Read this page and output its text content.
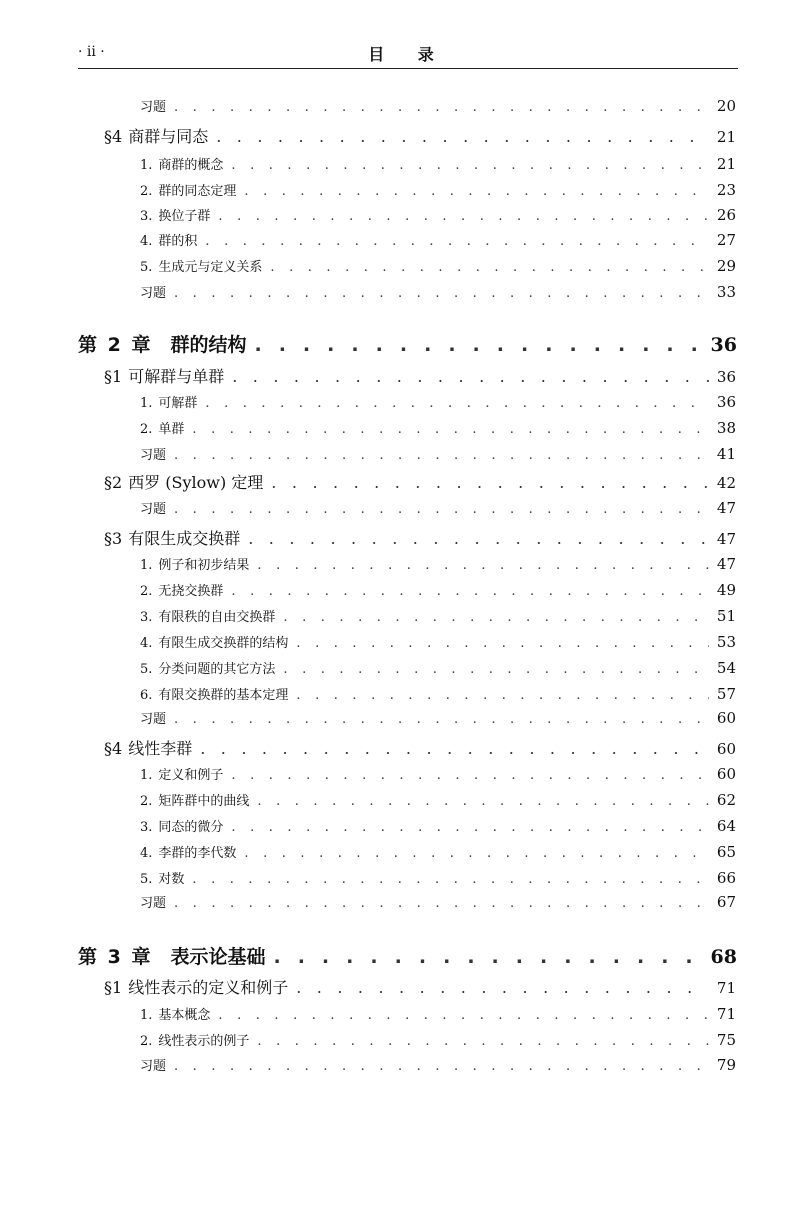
· ii ·	目 录
习题 . . .	20
§4 商群与同态 . . .	21
1. 商群的概念 . . .	21
2. 群的同态定理 . . .	23
3. 换位子群 . . .	26
4. 群的积 . . .	27
5. 生成元与定义关系 . . .	29
习题 . . .	33
第 2 章 群的结构 . . .	36
§1 可解群与单群 . . .	36
1. 可解群 . . .	36
2. 单群 . . .	38
习题 . . .	41
§2 西罗 (Sylow) 定理 . . .	42
习题 . . .	47
§3 有限生成交换群 . . .	47
1. 例子和初步结果 . . .	47
2. 无挠交换群 . . .	49
3. 有限秩的自由交换群 . . .	51
4. 有限生成交换群的结构 . . .	53
5. 分类问题的其它方法 . . .	54
6. 有限交换群的基本定理 . . .	57
习题 . . .	60
§4 线性李群 . . .	60
1. 定义和例子 . . .	60
2. 矩阵群中的曲线 . . .	62
3. 同态的微分 . . .	64
4. 李群的李代数 . . .	65
5. 对数 . . .	66
习题 . . .	67
第 3 章 表示论基础 . . .	68
§1 线性表示的定义和例子 . . .	71
1. 基本概念 . . .	71
2. 线性表示的例子 . . .	75
习题 . . .	79
